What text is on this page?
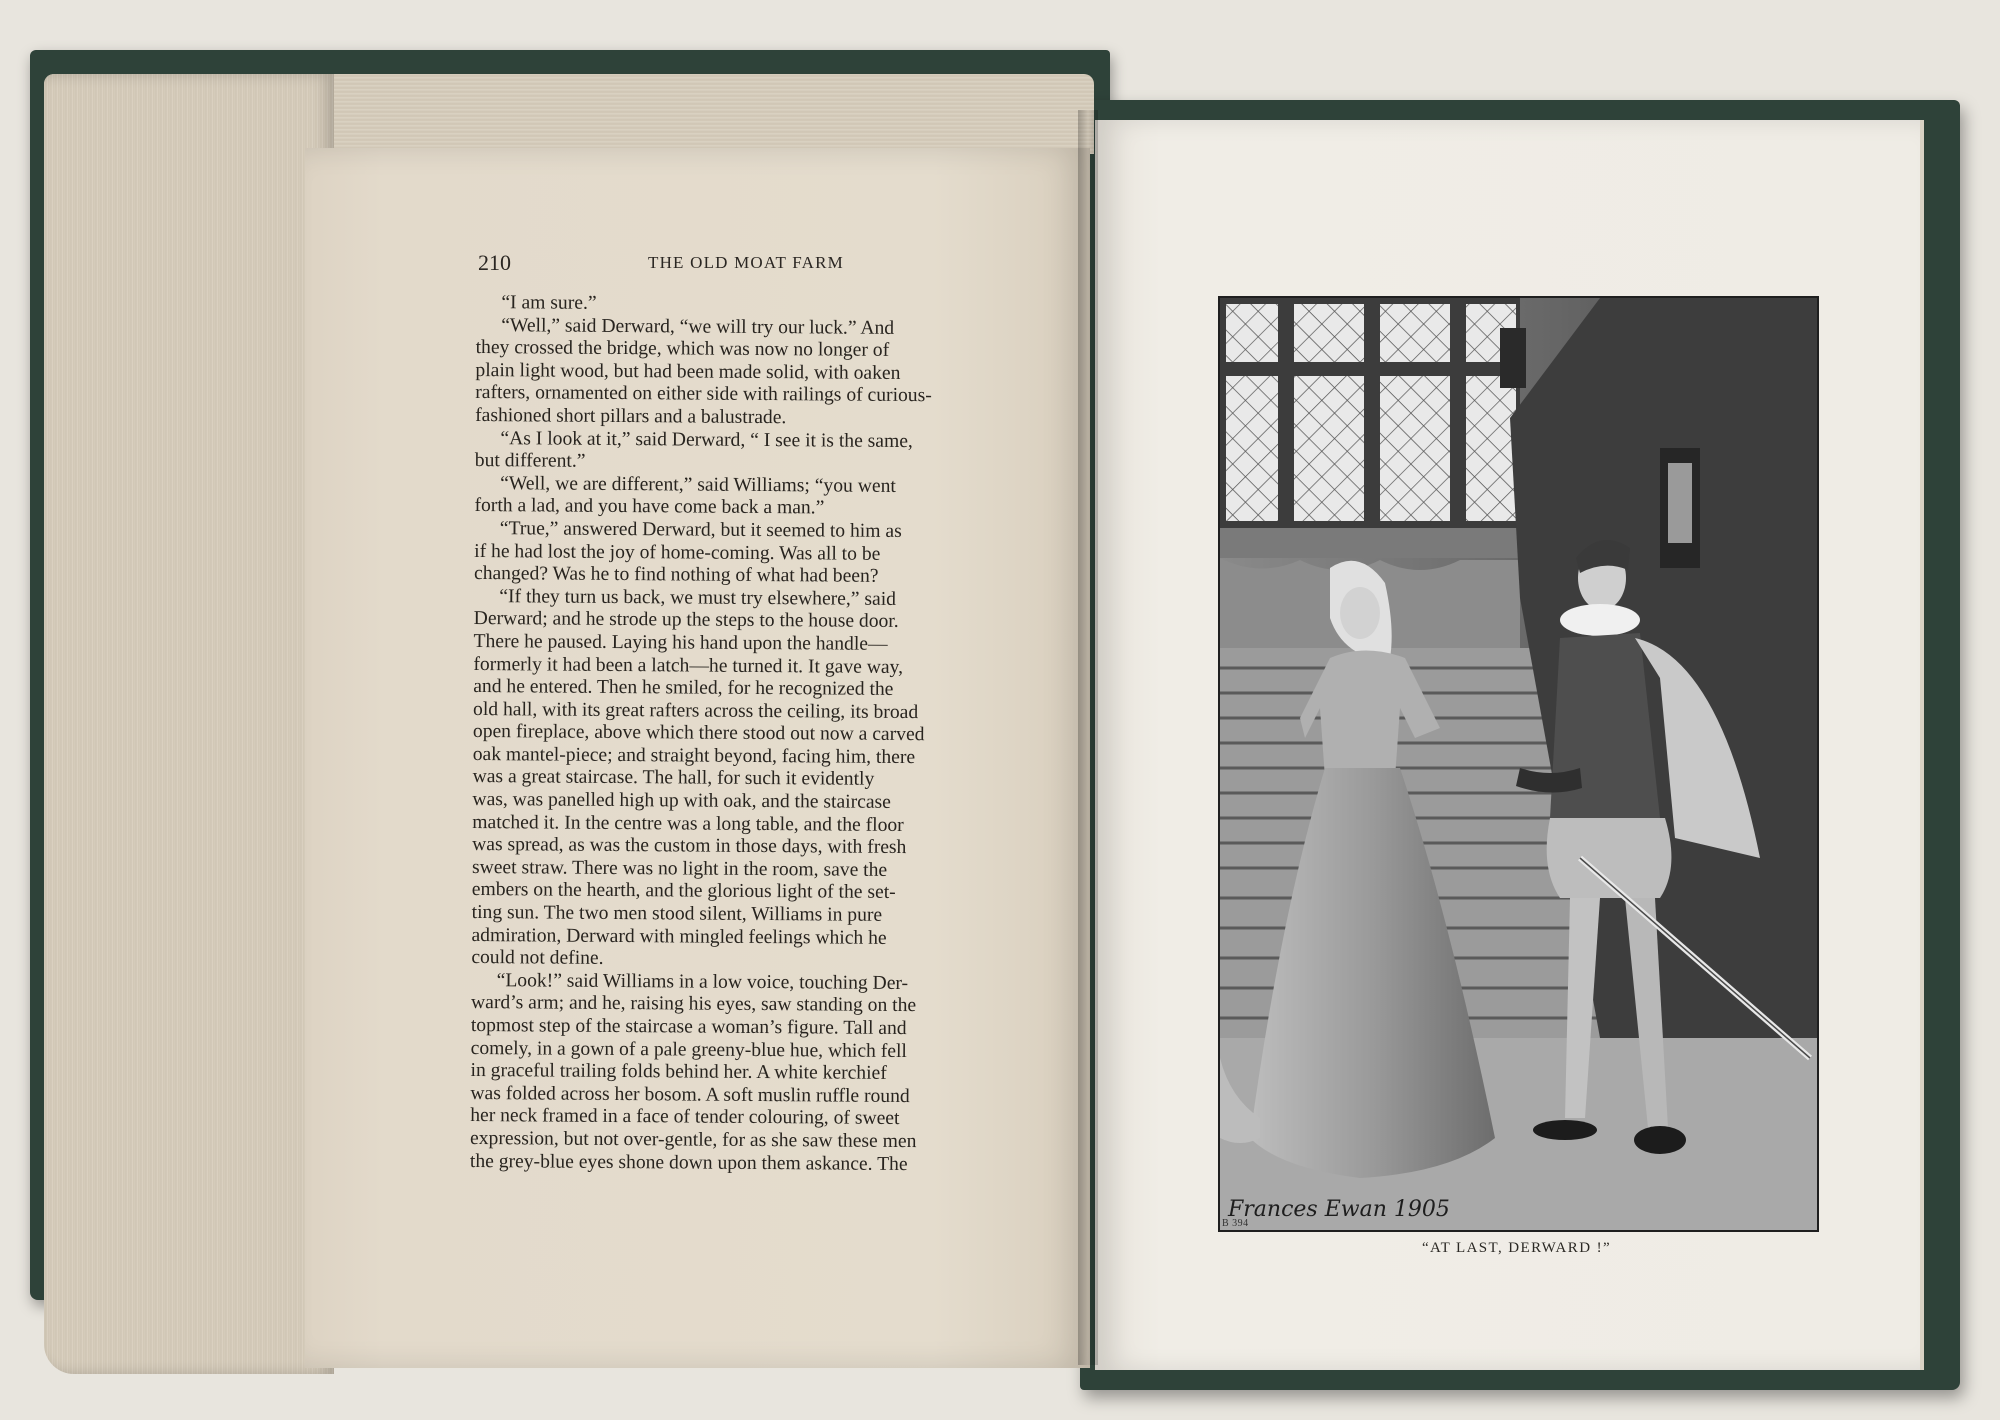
210	THE OLD MOAT FARM

“I am sure.”

“Well,” said Derward, “we will try our luck.” And
they crossed the bridge, which was now no longer of
plain light wood, but had been made solid, with oaken
rafters, ornamented on either side with railings of curious-
fashioned short pillars and a balustrade.

“As I look at it,” said Derward, “ I see it is the same,
but different.”

“Well, we are different,” said Williams; “you went
forth a lad, and you have come back a man.”

“True,” answered Derward, but it seemed to him as
if he had lost the joy of home-coming. Was all to be
changed? Was he to find nothing of what had been?

“If they turn us back, we must try elsewhere,” said
Derward; and he strode up the steps to the house door.
There he paused. Laying his hand upon the handle—
formerly it had been a latch—he turned it. It gave way,
and he entered. Then he smiled, for he recognized the
old hall, with its great rafters across the ceiling, its broad
open fireplace, above which there stood out now a carved
oak mantel-piece; and straight beyond, facing him, there
was a great staircase. The hall, for such it evidently
was, was panelled high up with oak, and the staircase
matched it. In the centre was a long table, and the floor
was spread, as was the custom in those days, with fresh
sweet straw. There was no light in the room, save the
embers on the hearth, and the glorious light of the set-
ting sun. The two men stood silent, Williams in pure
admiration, Derward with mingled feelings which he
could not define.

“Look!” said Williams in a low voice, touching Der-
ward’s arm; and he, raising his eyes, saw standing on the
topmost step of the staircase a woman’s figure. Tall and
comely, in a gown of a pale greeny-blue hue, which fell
in graceful trailing folds behind her. A white kerchief
was folded across her bosom. A soft muslin ruffle round
her neck framed in a face of tender colouring, of sweet
expression, but not over-gentle, for as she saw these men
the grey-blue eyes shone down upon them askance. The

Frances Ewan 1905
B 394
“AT LAST, DERWARD !”
